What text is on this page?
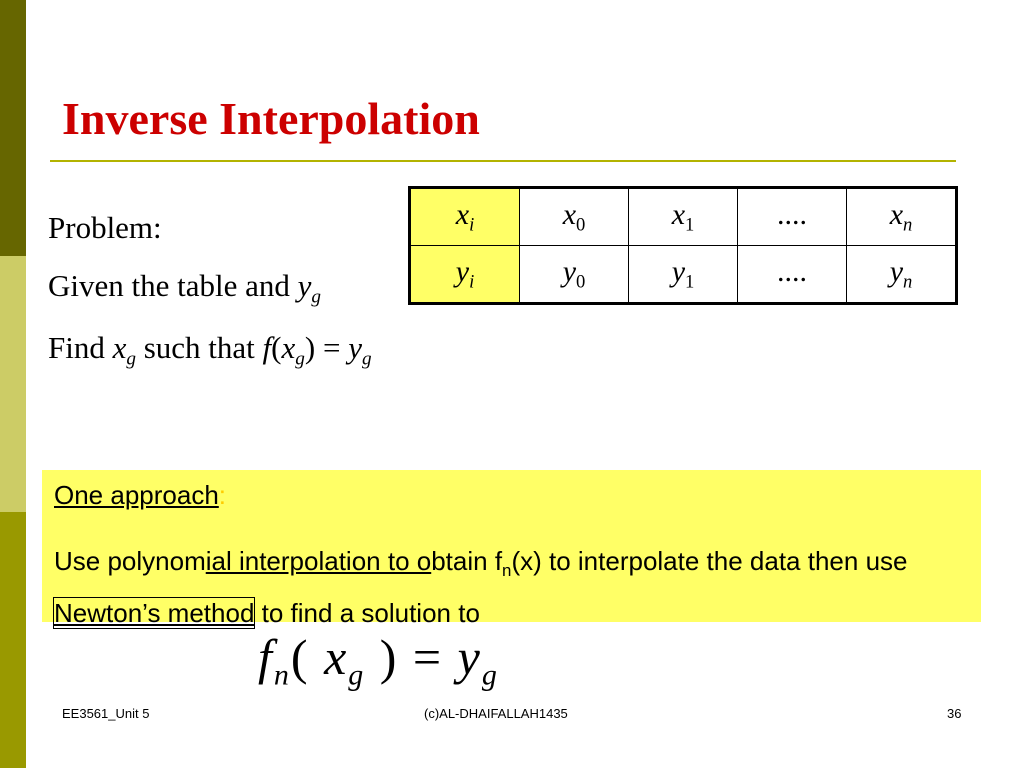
Inverse Interpolation
Problem:
Given the table and $y_g$
Find $x_g$ such that $f(x_g) = y_g$
$x_i$	$x_0$	$x_1$	....	$x_n$
$y_i$	$y_0$	$y_1$	....	$y_n$
One approach:
Use polynomial interpolation to obtain $f_n(x)$ to interpolate the data then use Newton’s method to find a solution to
$f_n$( $x_g$ ) = $y_g$
EE3561_Unit 5	(c)AL-DHAIFALLAH1435	36
